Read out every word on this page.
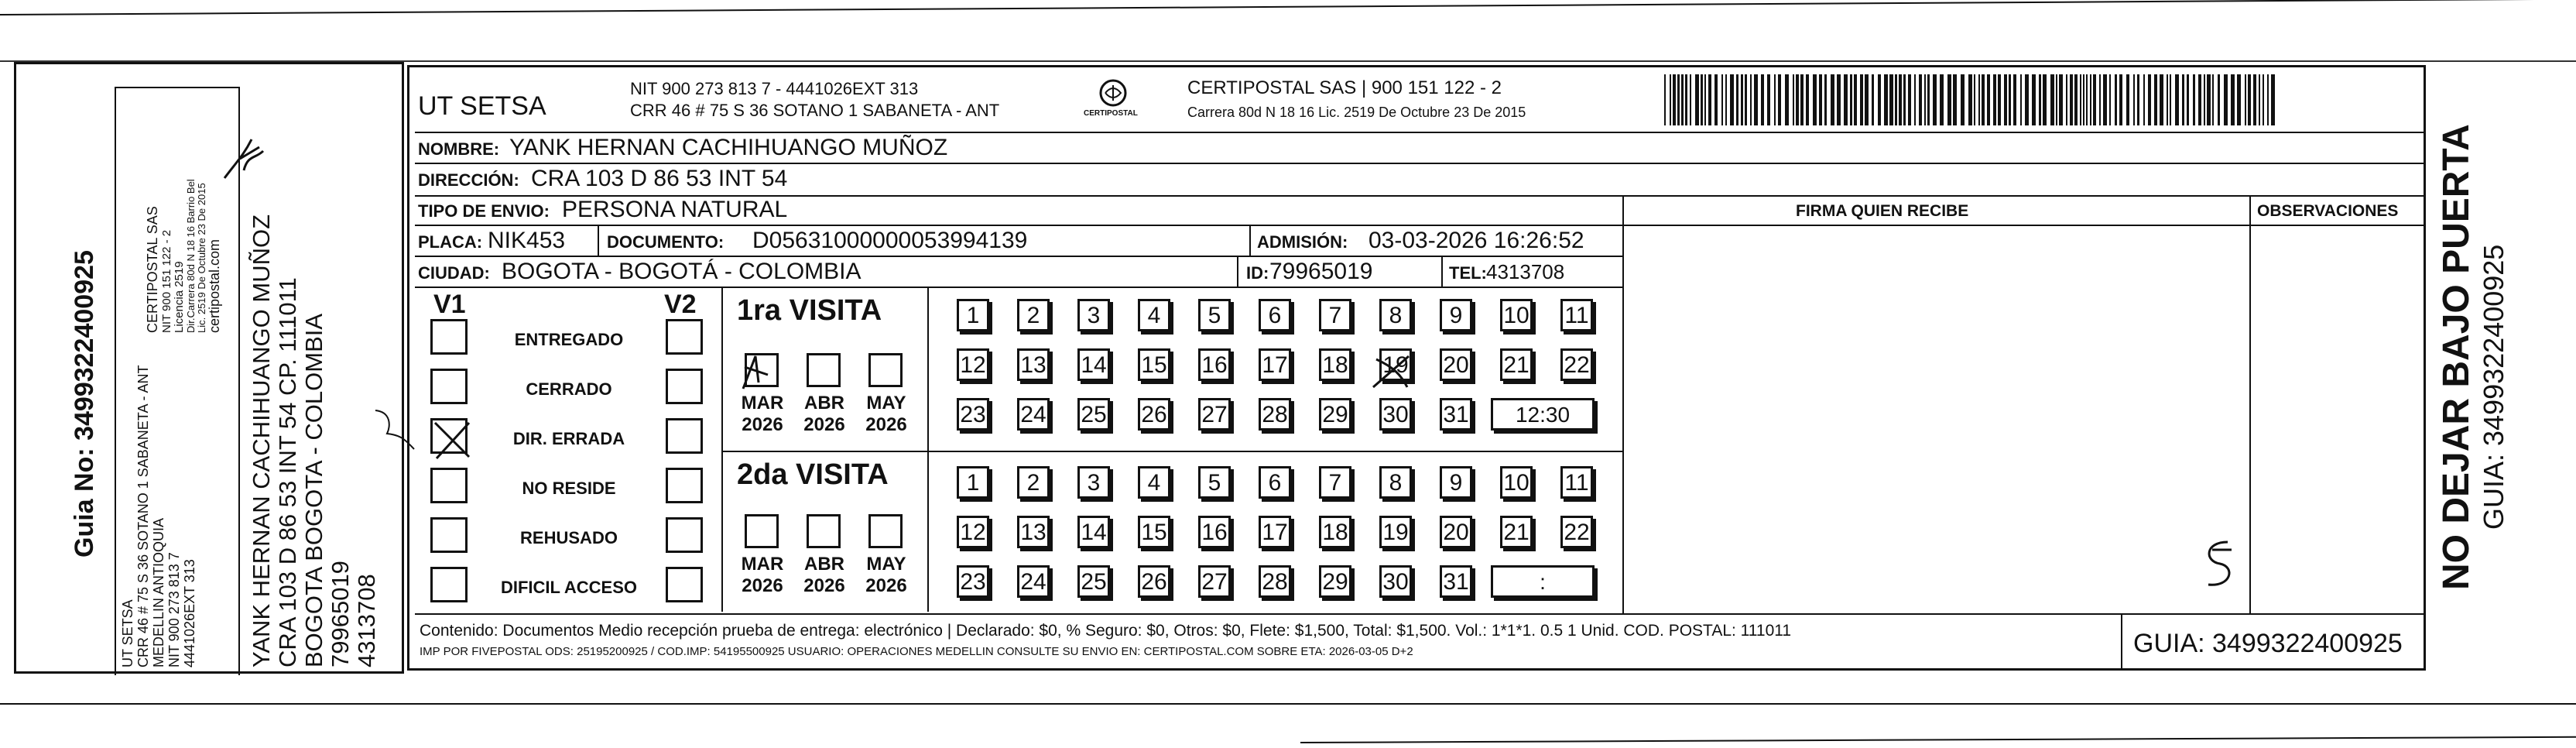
Guia No: 3499322400925
UT SETSA CRR 46 # 75 S 36 SOTANO 1 SABANETA - ANT MEDELLIN ANTIOQUIA NIT 900 273 813 7 4441026EXT 313
CERTIPOSTAL SAS NIT 900 151 122 - 2 Licencia 2519 Dir.Carrera 80d N 18 16 Barrio Bel Lic. 2519 De Octubre 23 De 2015 certipostal.com YANK HERNAN CACHIHUANGO MUÑOZ CRA 103 D 86 53 INT 54 CP. 111011 BOGOTA BOGOTA - COLOMBIA 79965019 4313708
UT SETSA
NIT 900 273 813 7 - 4441026EXT 313
CRR 46 # 75 S 36 SOTANO 1 SABANETA - ANT	CERTIPOSTAL
CERTIPOSTAL SAS | 900 151 122 - 2
Carrera 80d N 18 16 Lic. 2519 De Octubre 23 De 2015
NOMBRE: YANK HERNAN CACHIHUANGO MUÑOZ
DIRECCIÓN: CRA 103 D 86 53 INT 54
TIPO DE ENVIO: PERSONA NATURAL	FIRMA QUIEN RECIBE	OBSERVACIONES
PLACA: NIK453 DOCUMENTO: D05631000000053994139	ADMISIÓN: 03-03-2026 16:26:52
CIUDAD: BOGOTA - BOGOTÁ - COLOMBIA	ID: 79965019	TEL: 4313708
V1	V2
ENTREGADO
CERRADO
DIR. ERRADA
NO RESIDE
REHUSADO
DIFICIL ACCESO
1ra VISITA
2da VISITA
MAR
2026
ABR
2026
MAY
2026
MAR
2026
ABR
2026
MAY
2026
1	2	3	4	5	6	7	8	9	10 11
12 13 14 15 16 17 18 19 20 21 22
23 24 25 26 27 28 29 30 31	12:30
1	2	3	4	5	6	7	8	9	10 11
12 13 14 15 16 17 18 19 20 21 22
23 24 25 26 27 28 29 30 31	:
Contenido: Documentos Medio recepción prueba de entrega: electrónico | Declarado: $0, % Seguro: $0, Otros: $0, Flete: $1,500, Total: $1,500. Vol.: 1*1*1. 0.5 1 Unid. COD. POSTAL: 111011
IMP POR FIVEPOSTAL ODS: 25195200925 / COD.IMP: 54195500925 USUARIO: OPERACIONES MEDELLIN CONSULTE SU ENVIO EN: CERTIPOSTAL.COM SOBRE ETA: 2026-03-05 D+2	GUIA: 3499322400925
NO DEJAR BAJO PUERTA GUIA: 3499322400925
